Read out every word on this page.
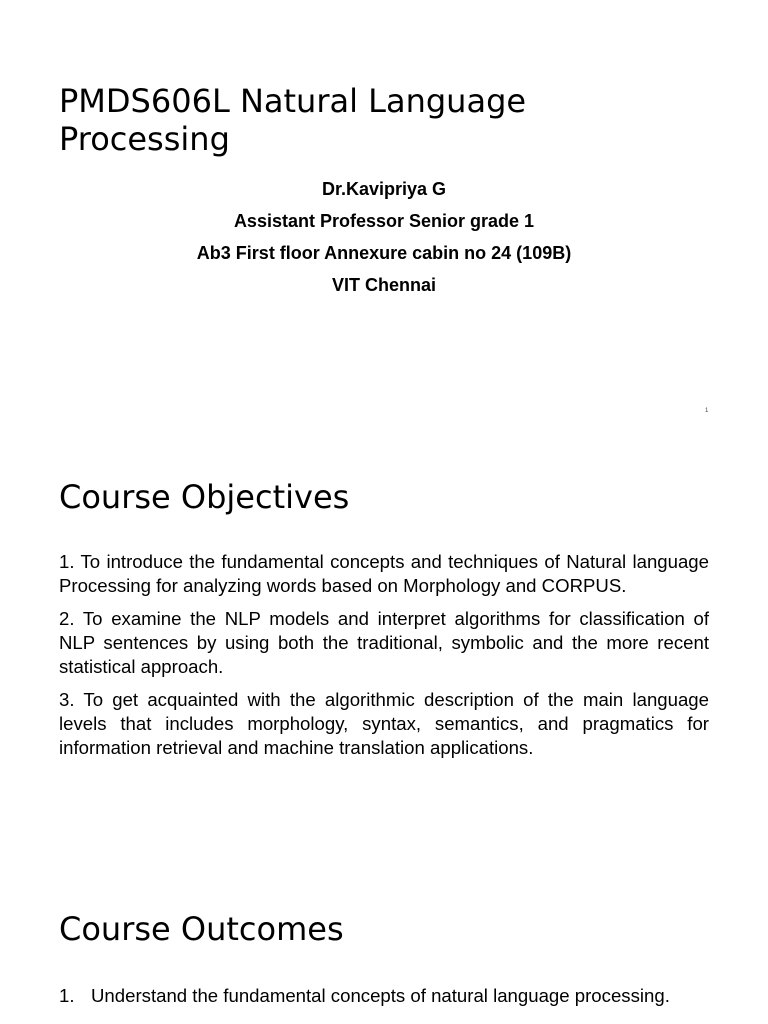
PMDS606L Natural Language Processing
Dr.Kavipriya G
Assistant Professor Senior grade 1
Ab3 First floor Annexure cabin no 24 (109B)
VIT Chennai
1
Course Objectives

1. To introduce the fundamental concepts and techniques of Natural language Processing for analyzing words based on Morphology and CORPUS.

2. To examine the NLP models and interpret algorithms for classification of NLP sentences by using both the traditional, symbolic and the more recent statistical approach.

3. To get acquainted with the algorithmic description of the main language levels that includes morphology, syntax, semantics, and pragmatics for information retrieval and machine translation applications.

Course Outcomes
1. Understand the fundamental concepts of natural language processing.
